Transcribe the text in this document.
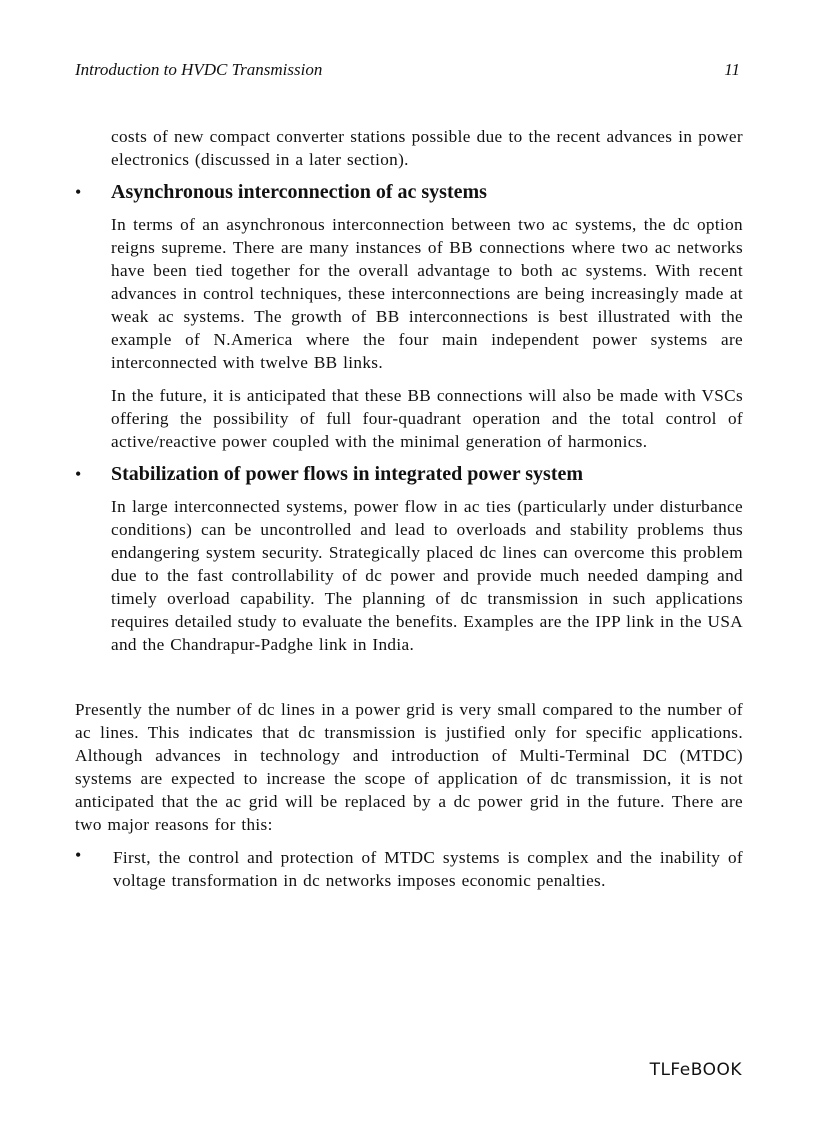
Introduction to HVDC Transmission	11

costs of new compact converter stations possible due to the recent advances in power electronics (discussed in a later section).

• Asynchronous interconnection of ac systems

In terms of an asynchronous interconnection between two ac systems, the dc option reigns supreme. There are many instances of BB connections where two ac networks have been tied together for the overall advantage to both ac systems. With recent advances in control techniques, these interconnections are being increasingly made at weak ac systems. The growth of BB interconnections is best illustrated with the example of N.America where the four main independent power systems are interconnected with twelve BB links.

In the future, it is anticipated that these BB connections will also be made with VSCs offering the possibility of full four-quadrant operation and the total control of active/reactive power coupled with the minimal generation of harmonics.

• Stabilization of power flows in integrated power system

In large interconnected systems, power flow in ac ties (particularly under disturbance conditions) can be uncontrolled and lead to overloads and stability problems thus endangering system security. Strategically placed dc lines can overcome this problem due to the fast controllability of dc power and provide much needed damping and timely overload capability. The planning of dc transmission in such applications requires detailed study to evaluate the benefits. Examples are the IPP link in the USA and the Chandrapur-Padghe link in India.

Presently the number of dc lines in a power grid is very small compared to the number of ac lines. This indicates that dc transmission is justified only for specific applications. Although advances in technology and introduction of Multi-Terminal DC (MTDC) systems are expected to increase the scope of application of dc transmission, it is not anticipated that the ac grid will be replaced by a dc power grid in the future. There are two major reasons for this:

• First, the control and protection of MTDC systems is complex and the inability of voltage transformation in dc networks imposes economic penalties.

TLFeBOOK
